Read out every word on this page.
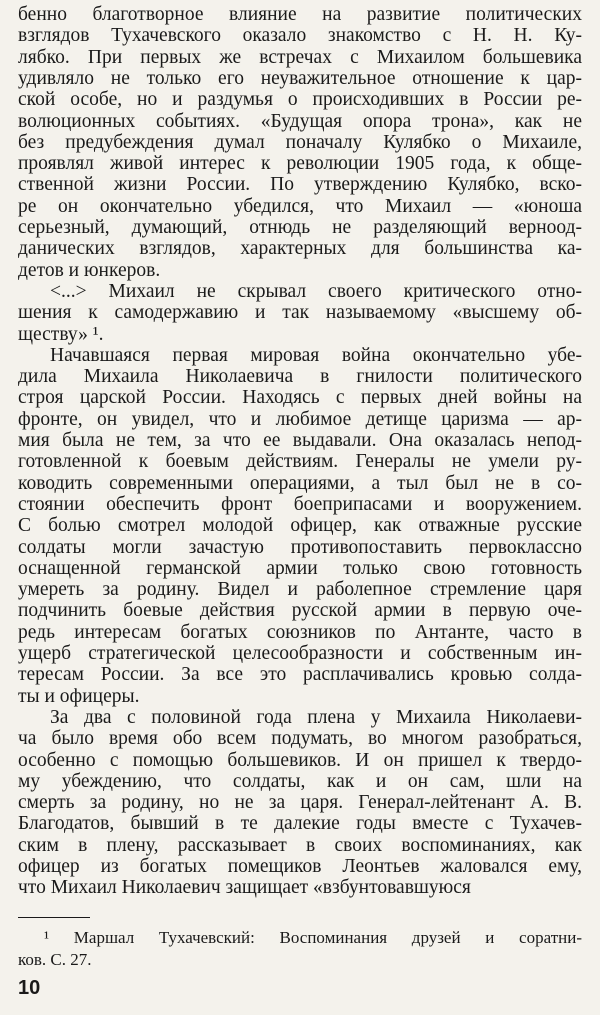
бенно благотворное влияние на развитие политических
взглядов Тухачевского оказало знакомство с Н. Н. Ку-
лябко. При первых же встречах с Михаилом большевика
удивляло не только его неуважительное отношение к цар-
ской особе, но и раздумья о происходивших в России ре-
волюционных событиях. «Будущая опора трона», как не
без предубеждения думал поначалу Кулябко о Михаиле,
проявлял живой интерес к революции 1905 года, к обще-
ственной жизни России. По утверждению Кулябко, вско-
ре он окончательно убедился, что Михаил — «юноша
серьезный, думающий, отнюдь не разделяющий верноод-
данических взглядов, характерных для большинства ка-
детов и юнкеров.
<...> Михаил не скрывал своего критического отно-
шения к самодержавию и так называемому «высшему об-
ществу» ¹.
Начавшаяся первая мировая война окончательно убе-
дила Михаила Николаевича в гнилости политического
строя царской России. Находясь с первых дней войны на
фронте, он увидел, что и любимое детище царизма — ар-
мия была не тем, за что ее выдавали. Она оказалась непод-
готовленной к боевым действиям. Генералы не умели ру-
ководить современными операциями, а тыл был не в со-
стоянии обеспечить фронт боеприпасами и вооружением.
С болью смотрел молодой офицер, как отважные русские
солдаты могли зачастую противопоставить первоклассно
оснащенной германской армии только свою готовность
умереть за родину. Видел и раболепное стремление царя
подчинить боевые действия русской армии в первую оче-
редь интересам богатых союзников по Антанте, часто в
ущерб стратегической целесообразности и собственным ин-
тересам России. За все это расплачивались кровью солда-
ты и офицеры.
За два с половиной года плена у Михаила Николаеви-
ча было время обо всем подумать, во многом разобраться,
особенно с помощью большевиков. И он пришел к твердо-
му убеждению, что солдаты, как и он сам, шли на
смерть за родину, но не за царя. Генерал-лейтенант А. В.
Благодатов, бывший в те далекие годы вместе с Тухачев-
ским в плену, рассказывает в своих воспоминаниях, как
офицер из богатых помещиков Леонтьев жаловался ему,
что Михаил Николаевич защищает «взбунтовавшуюся
¹ Маршал Тухачевский: Воспоминания друзей и соратни-
ков. С. 27.
10
